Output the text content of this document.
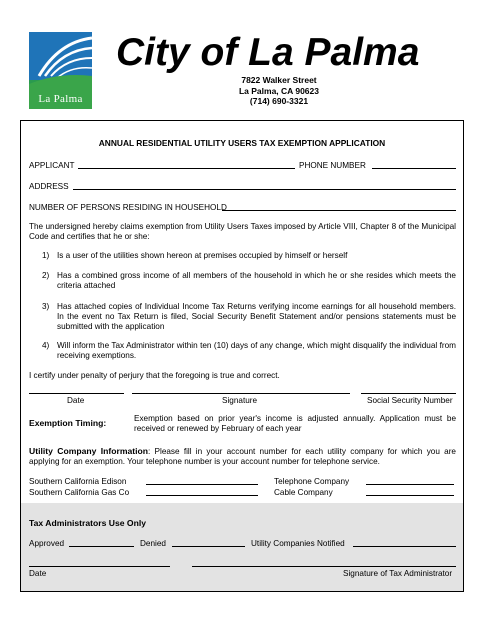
La Palma
City of La Palma
7822 Walker Street
La Palma, CA 90623
(714) 690-3321
ANNUAL RESIDENTIAL UTILITY USERS TAX EXEMPTION APPLICATION
APPLICANT	PHONE NUMBER
ADDRESS
NUMBER OF PERSONS RESIDING IN HOUSEHOLD
The undersigned hereby claims exemption from Utility Users Taxes imposed by Article VIII, Chapter 8 of the Municipal Code and certifies that he or she:
1) Is a user of the utilities shown hereon at premises occupied by himself or herself
2) Has a combined gross income of all members of the household in which he or she resides which meets the criteria attached
3) Has attached copies of Individual Income Tax Returns verifying income earnings for all household members. In the event no Tax Return is filed, Social Security Benefit Statement and/or pensions statements must be submitted with the application
4) Will inform the Tax Administrator within ten (10) days of any change, which might disqualify the individual from receiving exemptions.
I certify under penalty of perjury that the foregoing is true and correct.
Date	Signature	Social Security Number
Exemption Timing:	Exemption based on prior year's income is adjusted annually. Application must be received or renewed by February of each year
Utility Company Information: Please fill in your account number for each utility company for which you are applying for an exemption. Your telephone number is your account number for telephone service.
Southern California Edison	Telephone Company
Southern California Gas Co	Cable Company
Tax Administrators Use Only
Approved	Denied	Utility Companies Notified
Date	Signature of Tax Administrator
